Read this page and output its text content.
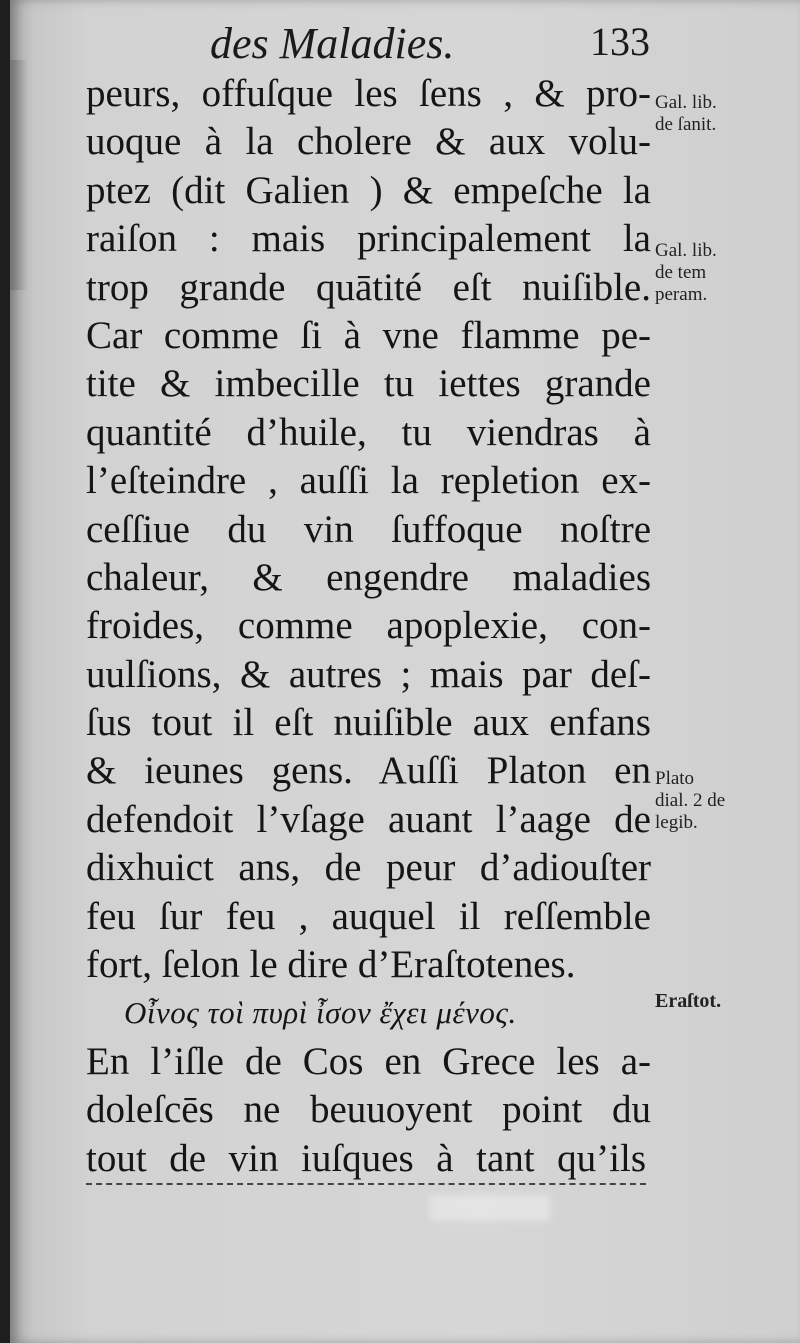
des Maladies.	133
peurs, offuſque les ſens , & pro-
uoque à la cholere & aux volu-
ptez (dit Galien ) & empeſche la
raiſon : mais principalement la
trop grande quātité eſt nuiſible.
Car comme ſi à vne flamme pe-
tite & imbecille tu iettes grande
quantité d’huile, tu viendras à
l’eſteindre , auſſi la repletion ex-
ceſſiue du vin ſuffoque noſtre
chaleur, & engendre maladies
froides, comme apoplexie, con-
uulſions, & autres ; mais par deſ-
ſus tout il eſt nuiſible aux enfans
& ieunes gens. Auſſi Platon en
defendoit l’vſage auant l’aage de
dixhuict ans, de peur d’adiouſter
feu ſur feu , auquel il reſſemble
fort, ſelon le dire d’Eraſtotenes.
Οἶνος τοὶ πυρὶ ἶσον ἔχει μένος.
En l’iſle de Cos en Grece les a-
doleſcēs ne beuuoyent point du
tout de vin iuſques à tant qu’ils
Gal. lib.
de ſanit.
Gal. lib.
de tem
peram.
Plato
dial. 2 de
legib.
Eraſtot.
